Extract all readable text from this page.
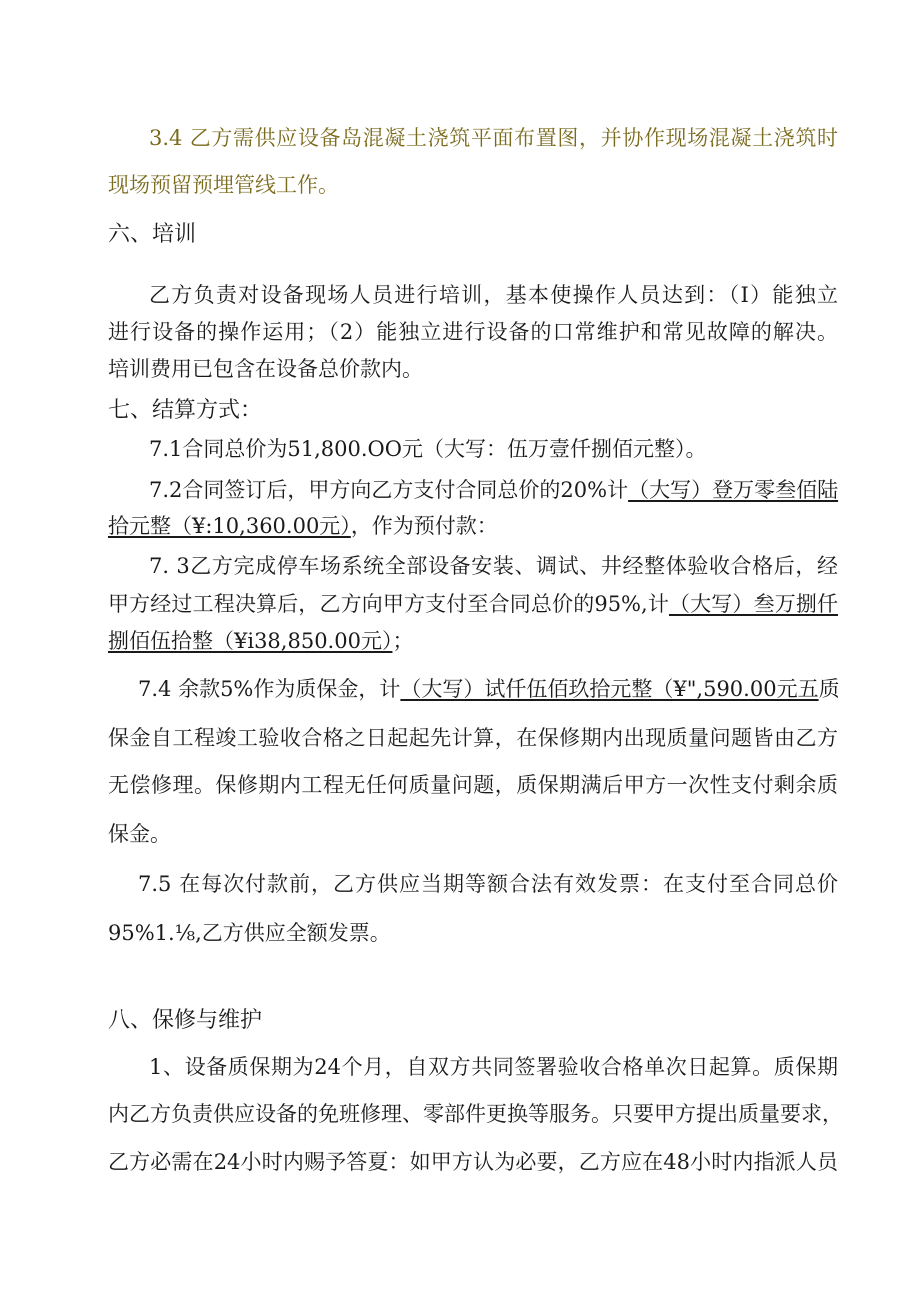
3.4 乙方需供应设备岛混凝土浇筑平面布置图，并协作现场混凝土浇筑时
现场预留预埋管线工作。
六、培训
乙方负责对设备现场人员进行培训，基本使操作人员达到：（I）能独立
进行设备的操作运用；（2）能独立进行设备的口常维护和常见故障的解决。
培训费用已包含在设备总价款内。
七、结算方式：
7.1合同总价为51,800.OO元（大写：伍万壹仟捌佰元整）。
7.2合同签订后，甲方向乙方支付合同总价的20%计（大写）登万零叁佰陆
拾元整（¥:10,360.00元），作为预付款：
7. 3乙方完成停车场系统全部设备安装、调试、井经整体验收合格后，经
甲方经过工程决算后，乙方向甲方支付至合同总价的95%,计（大写）叁万捌仟
捌佰伍拾整（¥i38,850.00元）；
7.4 余款5%作为质保金，计（大写）试仟伍佰玖拾元整（¥",590.00元五质
保金自工程竣工验收合格之日起起先计算，在保修期内出现质量问题皆由乙方
无偿修理。保修期内工程无任何质量问题，质保期满后甲方一次性支付剩余质
保金。
7.5 在每次付款前，乙方供应当期等额合法有效发票：在支付至合同总价
95%1.⅛,乙方供应全额发票。
八、保修与维护
1、设备质保期为24个月，自双方共同签署验收合格单次日起算。质保期
内乙方负责供应设备的免班修理、零部件更换等服务。只要甲方提出质量要求，
乙方必需在24小时内赐予答夏：如甲方认为必要，乙方应在48小时内指派人员
